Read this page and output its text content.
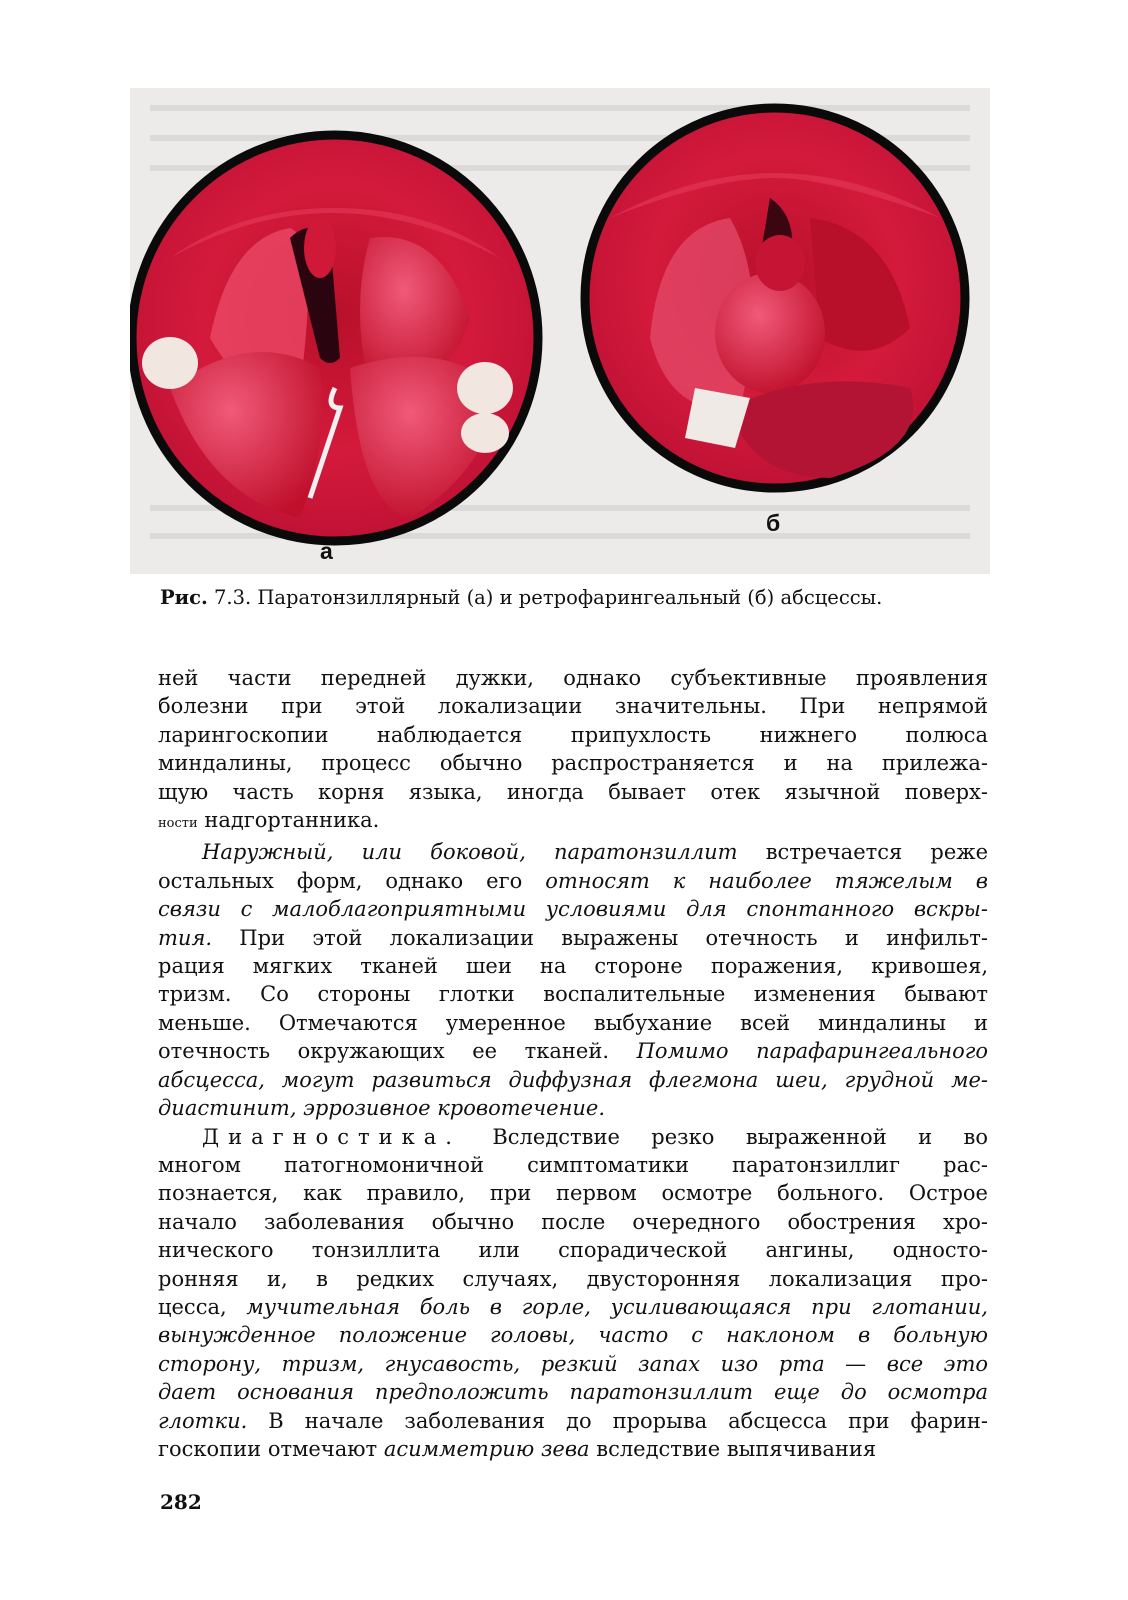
а
б
Рис. 7.3. Паратонзиллярный (а) и ретрофарингеальный (б) абсцессы.

ней части передней дужки, однако субъективные проявления

болезни при этой локализации значительны. При непрямой

ларингоскопии наблюдается припухлость нижнего полюса

миндалины, процесс обычно распространяется и на прилежа-

щую часть корня языка, иногда бывает отек язычной поверх-

ности надгортанника.

Наружный, или боковой, паратонзиллит встречается реже

остальных форм, однако его относят к наиболее тяжелым в

связи с малоблагоприятными условиями для спонтанного вскры-

тия. При этой локализации выражены отечность и инфильт-

рация мягких тканей шеи на стороне поражения, кривошея,

тризм. Со стороны глотки воспалительные изменения бывают

меньше. Отмечаются умеренное выбухание всей миндалины и

отечность окружающих ее тканей. Помимо парафарингеального

абсцесса, могут развиться диффузная флегмона шеи, грудной ме-

диастинит, эррозивное кровотечение.

Диагностика. Вследствие резко выраженной и во

многом патогномоничной симптоматики паратонзиллиг рас-

познается, как правило, при первом осмотре больного. Острое

начало заболевания обычно после очередного обострения хро-

нического тонзиллита или спорадической ангины, односто-

ронняя и, в редких случаях, двусторонняя локализация про-

цесса, мучительная боль в горле, усиливающаяся при глотании,

вынужденное положение головы, часто с наклоном в больную

сторону, тризм, гнусавость, резкий запах изо рта — все это

дает основания предположить паратонзиллит еще до осмотра

глотки. В начале заболевания до прорыва абсцесса при фарин-

госкопии отмечают асимметрию зева вследствие выпячивания

282
